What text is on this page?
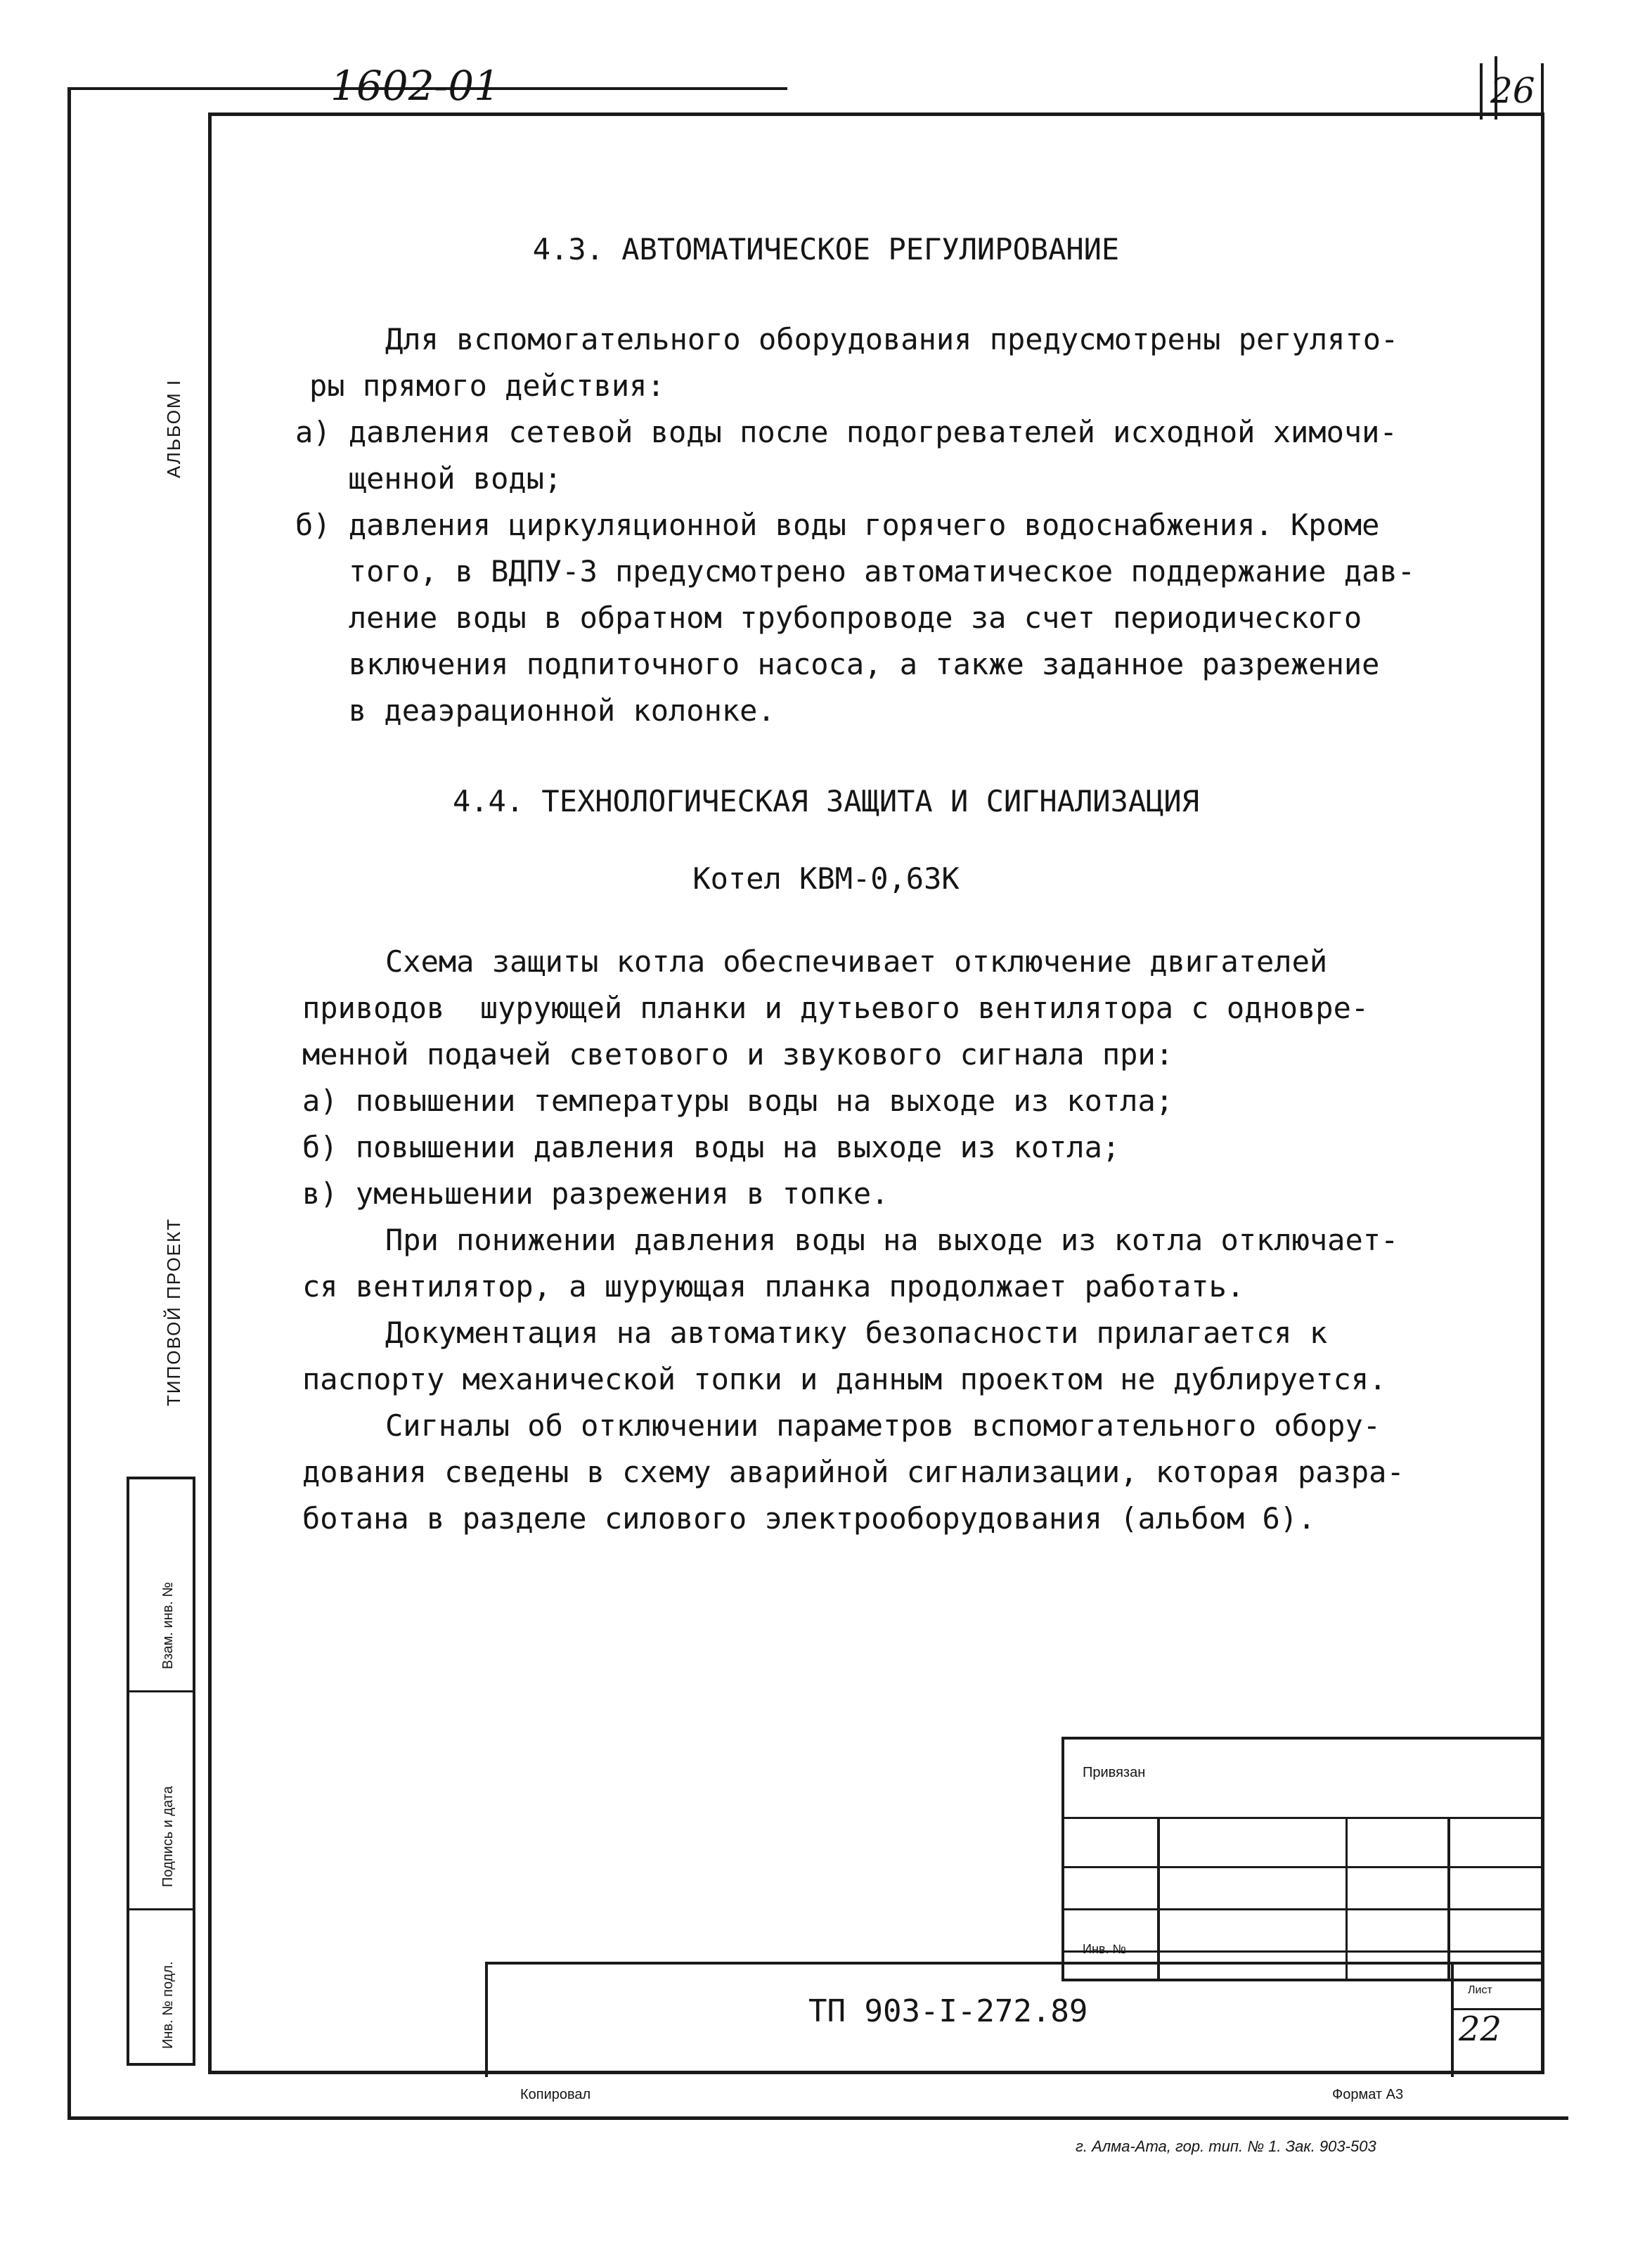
1602-01	26
АЛЬБОМ I
ТИПОВОЙ ПРОЕКТ
Взам. инв. №
Подпись и дата
Инв. № подл.
4.3. АВТОМАТИЧЕСКОЕ РЕГУЛИРОВАНИЕ

Для вспомогательного оборудования предусмотрены регулято-

ры прямого действия:

а) давления сетевой воды после подогревателей исходной химочи-

щенной воды;

б) давления циркуляционной воды горячего водоснабжения. Кроме

того, в ВДПУ-3 предусмотрено автоматическое поддержание дав-

ление воды в обратном трубопроводе за счет периодического

включения подпиточного насоса, а также заданное разрежение

в деаэрационной колонке.

4.4. ТЕХНОЛОГИЧЕСКАЯ ЗАЩИТА И СИГНАЛИЗАЦИЯ
Котел КВМ-0,63К

Схема защиты котла обеспечивает отключение двигателей

приводов  шурующей планки и дутьевого вентилятора с одновре-

менной подачей светового и звукового сигнала при:

а) повышении температуры воды на выходе из котла;

б) повышении давления воды на выходе из котла;

в) уменьшении разрежения в топке.

При понижении давления воды на выходе из котла отключает-

ся вентилятор, а шурующая планка продолжает работать.

Документация на автоматику безопасности прилагается к

паспорту механической топки и данным проектом не дублируется.

Сигналы об отключении параметров вспомогательного обору-

дования сведены в схему аварийной сигнализации, которая разра-

ботана в разделе силового электрооборудования (альбом 6).

Привязан
Инв. №
ТП 903-I-272.89
Лист
22
Копировал	Формат А3
г. Алма-Ата, гор. тип. № 1. Зак. 903-503
